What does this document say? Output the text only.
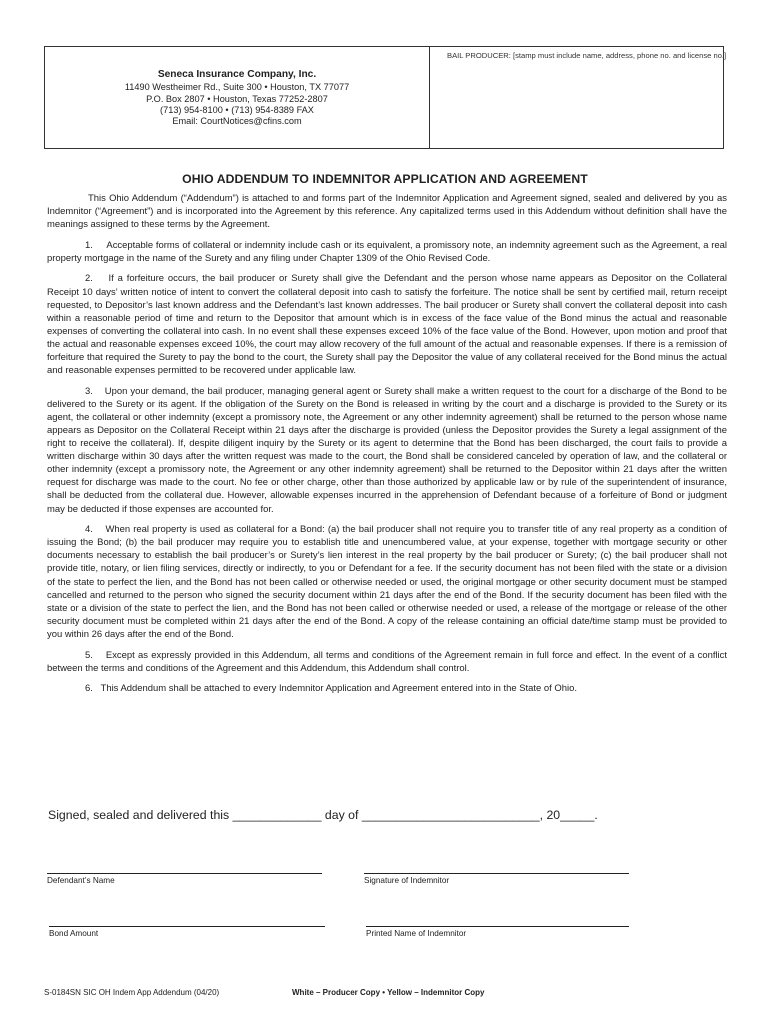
Seneca Insurance Company, Inc.
11490 Westheimer Rd., Suite 300 • Houston, TX 77077
P.O. Box 2807 • Houston, Texas 77252-2807
(713) 954-8100 • (713) 954-8389 FAX
Email: CourtNotices@cfins.com
BAIL PRODUCER: [stamp must include name, address, phone no. and license no.]
OHIO ADDENDUM TO INDEMNITOR APPLICATION AND AGREEMENT

This Ohio Addendum (“Addendum”) is attached to and forms part of the Indemnitor Application and Agreement signed, sealed and delivered by you as Indemnitor (“Agreement”) and is incorporated into the Agreement by this reference. Any capitalized terms used in this Addendum without definition shall have the meanings assigned to these terms by the Agreement.

1.     Acceptable forms of collateral or indemnity include cash or its equivalent, a promissory note, an indemnity agreement such as the Agreement, a real property mortgage in the name of the Surety and any filing under Chapter 1309 of the Ohio Revised Code.

2.    If a forfeiture occurs, the bail producer or Surety shall give the Defendant and the person whose name appears as Depositor on the Collateral Receipt 10 days’ written notice of intent to convert the collateral deposit into cash to satisfy the forfeiture. The notice shall be sent by certified mail, return receipt requested, to Depositor’s last known address and the Defendant’s last known addresses. The bail producer or Surety shall convert the collateral deposit into cash within a reasonable period of time and return to the Depositor that amount which is in excess of the face value of the Bond minus the actual and reasonable expenses of converting the collateral into cash. In no event shall these expenses exceed 10% of the face value of the Bond. However, upon motion and proof that the actual and reasonable expenses exceed 10%, the court may allow recovery of the full amount of the actual and reasonable expenses. If there is a remission of forfeiture that required the Surety to pay the bond to the court, the Surety shall pay the Depositor the value of any collateral received for the Bond minus the actual and reasonable expenses permitted to be recovered under applicable law.

3.    Upon your demand, the bail producer, managing general agent or Surety shall make a written request to the court for a discharge of the Bond to be delivered to the Surety or its agent. If the obligation of the Surety on the Bond is released in writing by the court and a discharge is provided to the Surety or its agent, the collateral or other indemnity (except a promissory note, the Agreement or any other indemnity agreement) shall be returned to the person whose name appears as Depositor on the Collateral Receipt within 21 days after the discharge is provided (unless the Depositor provides the Surety a legal assignment of the right to receive the collateral). If, despite diligent inquiry by the Surety or its agent to determine that the Bond has been discharged, the court fails to provide a written discharge within 30 days after the written request was made to the court, the Bond shall be considered canceled by operation of law, and the collateral or other indemnity (except a promissory note, the Agreement or any other indemnity agreement) shall be returned to the Depositor within 21 days after the written request for discharge was made to the court. No fee or other charge, other than those authorized by applicable law or by rule of the superintendent of insurance, shall be deducted from the collateral due. However, allowable expenses incurred in the apprehension of Defendant because of a forfeiture of Bond or judgment may be deducted if those expenses are accounted for.

4.    When real property is used as collateral for a Bond: (a) the bail producer shall not require you to transfer title of any real property as a condition of issuing the Bond; (b) the bail producer may require you to establish title and unencumbered value, at your expense, together with mortgage security or other documents necessary to establish the bail producer’s or Surety’s lien interest in the real property by the bail producer or Surety; (c) the bail producer shall not provide title, notary, or lien filing services, directly or indirectly, to you or Defendant for a fee. If the security document has not been filed with the state or a division of the state to perfect the lien, and the Bond has not been called or otherwise needed or used, the original mortgage or other security document must be stamped cancelled and returned to the person who signed the security document within 21 days after the end of the Bond. If the security document has been filed with the state or a division of the state to perfect the lien, and the Bond has not been called or otherwise needed or used, a release of the mortgage or release of the other security document must be completed within 21 days after the end of the Bond. A copy of the release containing an official date/time stamp must be provided to you within 26 days after the end of the Bond.

5.    Except as expressly provided in this Addendum, all terms and conditions of the Agreement remain in full force and effect. In the event of a conflict between the terms and conditions of the Agreement and this Addendum, this Addendum shall control.

6.   This Addendum shall be attached to every Indemnitor Application and Agreement entered into in the State of Ohio.

Signed, sealed and delivered this _____________ day of __________________________, 20_____.
Defendant’s Name	Signature of Indemnitor
Bond Amount	Printed Name of Indemnitor
S-0184SN SIC OH Indem App Addendum (04/20)	White – Producer Copy • Yellow – Indemnitor Copy
